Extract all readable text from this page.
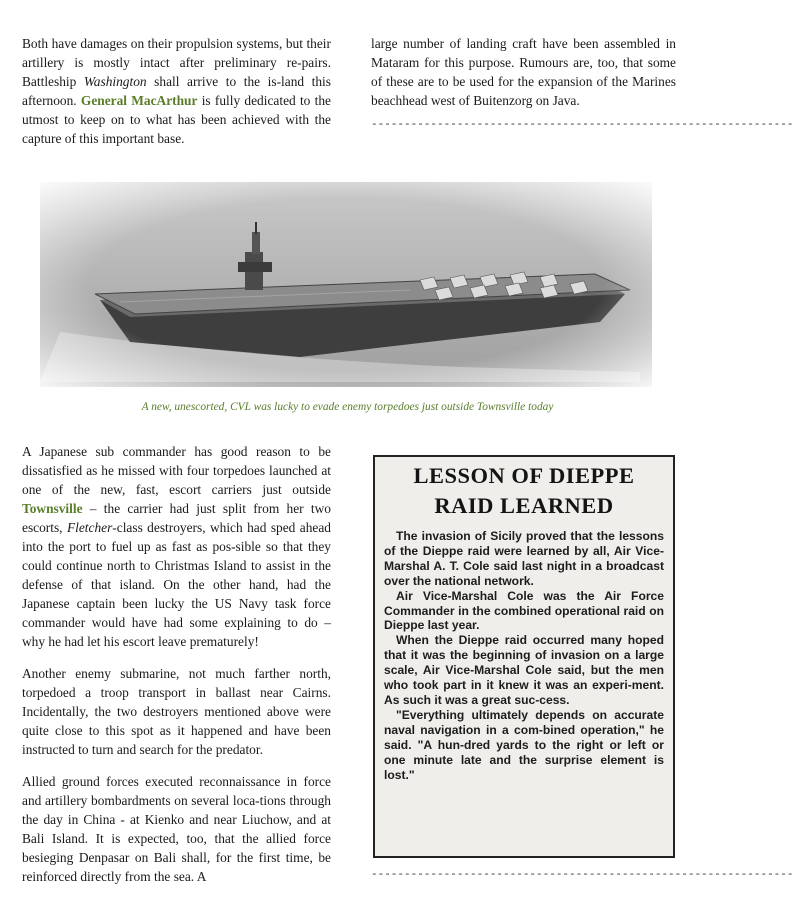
Both have damages on their propulsion systems, but their artillery is mostly intact after preliminary re-pairs. Battleship Washington shall arrive to the is-land this afternoon. General MacArthur is fully dedicated to the utmost to keep on to what has been achieved with the capture of this important base.

large number of landing craft have been assembled in Mataram for this purpose. Rumours are, too, that some of these are to be used for the expansion of the Marines beachhead west of Buitenzorg on Java.

----------------------------------------------------------------
A new, unescorted, CVL was lucky to evade enemy torpedoes just outside Townsville today

A Japanese sub commander has good reason to be dissatisfied as he missed with four torpedoes launched at one of the new, fast, escort carriers just outside Townsville – the carrier had just split from her two escorts, Fletcher-class destroyers, which had sped ahead into the port to fuel up as fast as pos-sible so that they could continue north to Christmas Island to assist in the defense of that island. On the other hand, had the Japanese captain been lucky the US Navy task force commander would have had some explaining to do – why he had let his escort leave prematurely!

Another enemy submarine, not much farther north, torpedoed a troop transport in ballast near Cairns. Incidentally, the two destroyers mentioned above were quite close to this spot as it happened and have been instructed to turn and search for the predator.

Allied ground forces executed reconnaissance in force and artillery bombardments on several loca-tions through the day in China - at Kienko and near Liuchow, and at Bali Island. It is expected, too, that the allied force besieging Denpasar on Bali shall, for the first time, be reinforced directly from the sea. A

LESSON OF DIEPPE
RAID LEARNED

The invasion of Sicily proved that the lessons of the Dieppe raid were learned by all, Air Vice-Marshal A. T. Cole said last night in a broadcast over the national network.

Air Vice-Marshal Cole was the Air Force Commander in the combined operational raid on Dieppe last year.

When the Dieppe raid occurred many hoped that it was the beginning of invasion on a large scale, Air Vice-Marshal Cole said, but the men who took part in it knew it was an experi-ment. As such it was a great suc-cess.

"Everything ultimately depends on accurate naval navigation in a com-bined operation," he said. "A hun-dred yards to the right or left or one minute late and the surprise element is lost."

----------------------------------------------------------------
